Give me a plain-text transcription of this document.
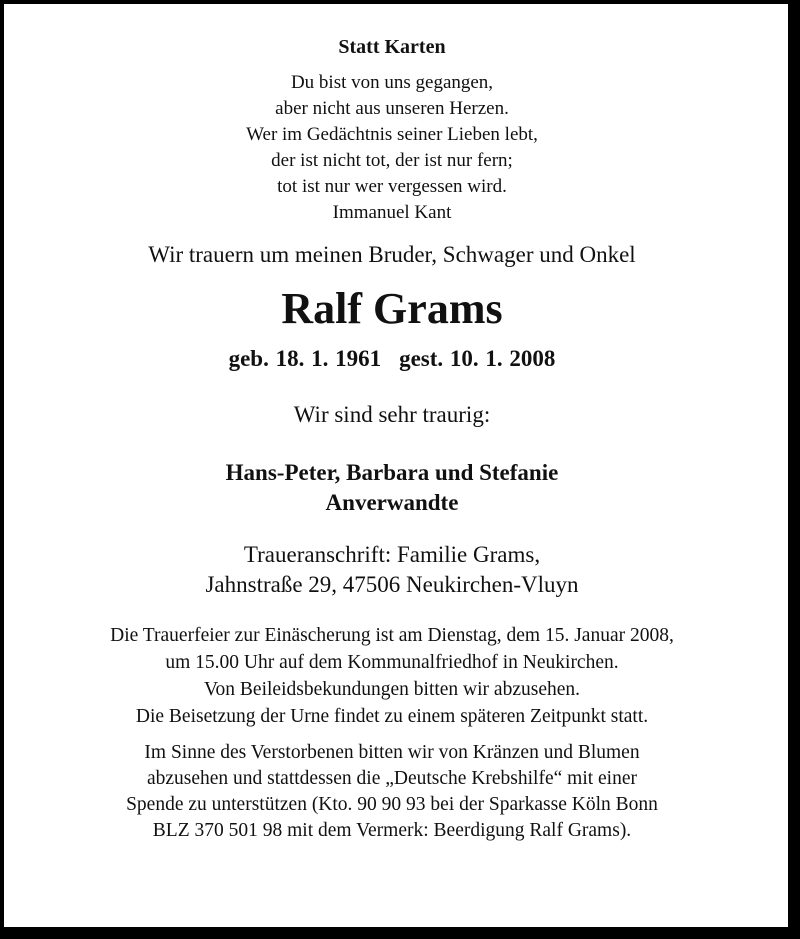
Statt Karten
Du bist von uns gegangen,
aber nicht aus unseren Herzen.
Wer im Gedächtnis seiner Lieben lebt,
der ist nicht tot, der ist nur fern;
tot ist nur wer vergessen wird.
Immanuel Kant
Wir trauern um meinen Bruder, Schwager und Onkel
Ralf Grams
geb. 18. 1. 1961 gest. 10. 1. 2008
Wir sind sehr traurig:
Hans-Peter, Barbara und Stefanie
Anverwandte
Traueranschrift: Familie Grams,
Jahnstraße 29, 47506 Neukirchen-Vluyn
Die Trauerfeier zur Einäscherung ist am Dienstag, dem 15. Januar 2008,
um 15.00 Uhr auf dem Kommunalfriedhof in Neukirchen.
Von Beileidsbekundungen bitten wir abzusehen.
Die Beisetzung der Urne findet zu einem späteren Zeitpunkt statt.
Im Sinne des Verstorbenen bitten wir von Kränzen und Blumen
abzusehen und stattdessen die „Deutsche Krebshilfe“ mit einer
Spende zu unterstützen (Kto. 90 90 93 bei der Sparkasse Köln Bonn
BLZ 370 501 98 mit dem Vermerk: Beerdigung Ralf Grams).
